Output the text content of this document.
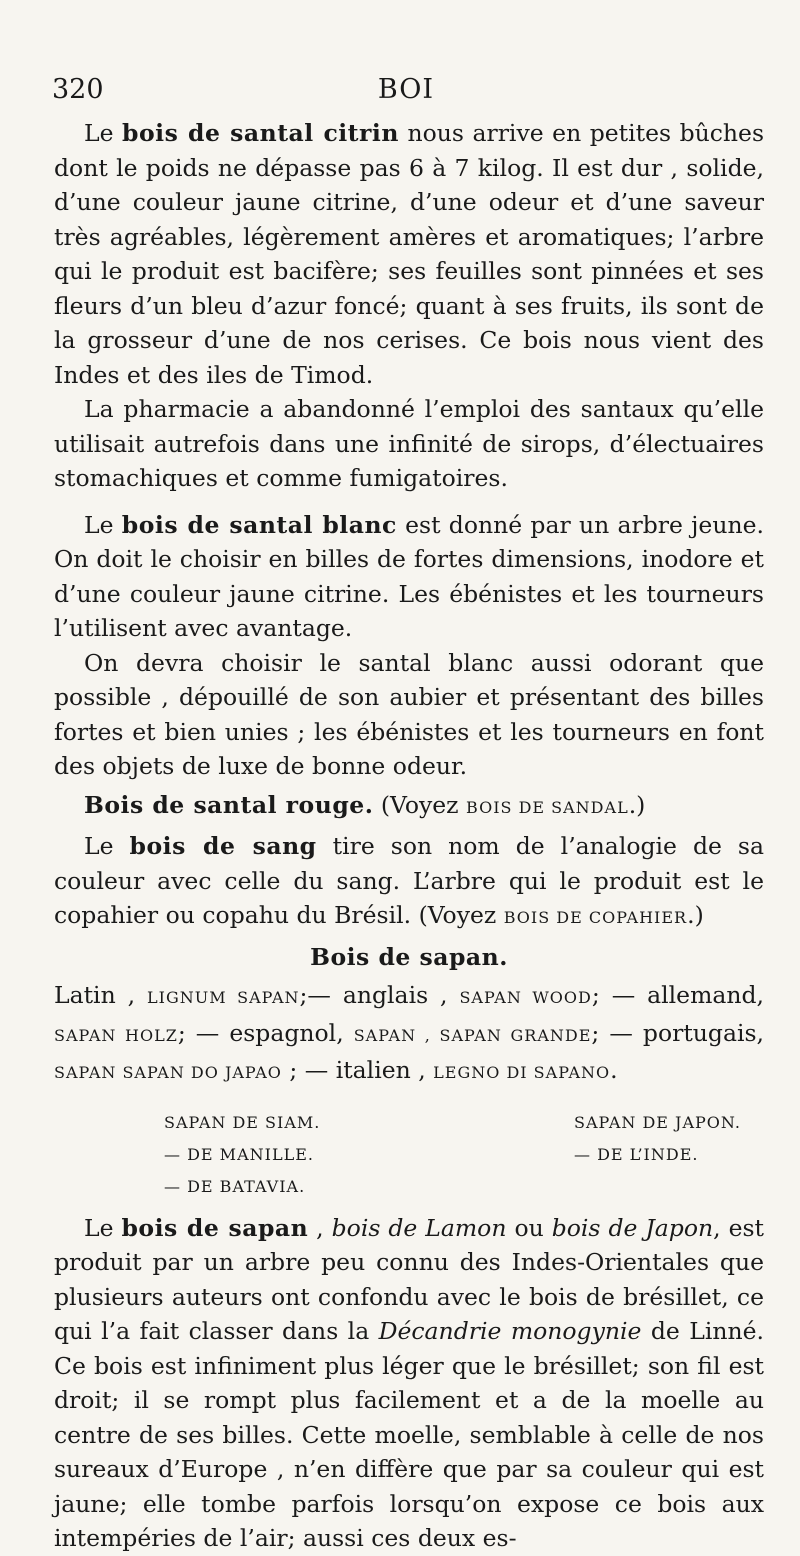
320	BOI

Le bois de santal citrin nous arrive en petites bûches dont le poids ne dépasse pas 6 à 7 kilog. Il est dur , solide, d’une couleur jaune citrine, d’une odeur et d’une saveur très agréables, légèrement amères et aromatiques; l’arbre qui le produit est bacifère; ses feuilles sont pinnées et ses fleurs d’un bleu d’azur foncé; quant à ses fruits, ils sont de la grosseur d’une de nos cerises. Ce bois nous vient des Indes et des iles de Timod.

La pharmacie a abandonné l’emploi des santaux qu’elle utilisait autrefois dans une infinité de sirops, d’électuaires stomachiques et comme fumigatoires.

Le bois de santal blanc est donné par un arbre jeune. On doit le choisir en billes de fortes dimensions, inodore et d’une couleur jaune citrine. Les ébénistes et les tourneurs l’utilisent avec avantage.

On devra choisir le santal blanc aussi odorant que possible , dépouillé de son aubier et présentant des billes fortes et bien unies ; les ébénistes et les tourneurs en font des objets de luxe de bonne odeur.

Bois de santal rouge. (Voyez BOIS DE SANDAL.)

Le bois de sang tire son nom de l’analogie de sa couleur avec celle du sang. L’arbre qui le produit est le copahier ou copahu du Brésil. (Voyez BOIS DE COPAHIER.)

Bois de sapan.

Latin , LIGNUM SAPAN;— anglais , SAPAN WOOD; — allemand, SAPAN HOLZ; — espagnol, SAPAN , SAPAN GRANDE; — portugais, SAPAN SAPAN DO JAPAO ; — italien , LEGNO DI SAPANO.

SAPAN DE SIAM.	SAPAN DE JAPON.
— DE MANILLE.	— DE L’INDE.
— DE BATAVIA.

Le bois de sapan , bois de Lamon ou bois de Japon, est produit par un arbre peu connu des Indes-Orientales que plusieurs auteurs ont confondu avec le bois de brésillet, ce qui l’a fait classer dans la Décandrie monogynie de Linné. Ce bois est infiniment plus léger que le brésillet; son fil est droit; il se rompt plus facilement et a de la moelle au centre de ses billes. Cette moelle, semblable à celle de nos sureaux d’Europe , n’en diffère que par sa couleur qui est jaune; elle tombe parfois lorsqu’on expose ce bois aux intempéries de l’air; aussi ces deux es-
